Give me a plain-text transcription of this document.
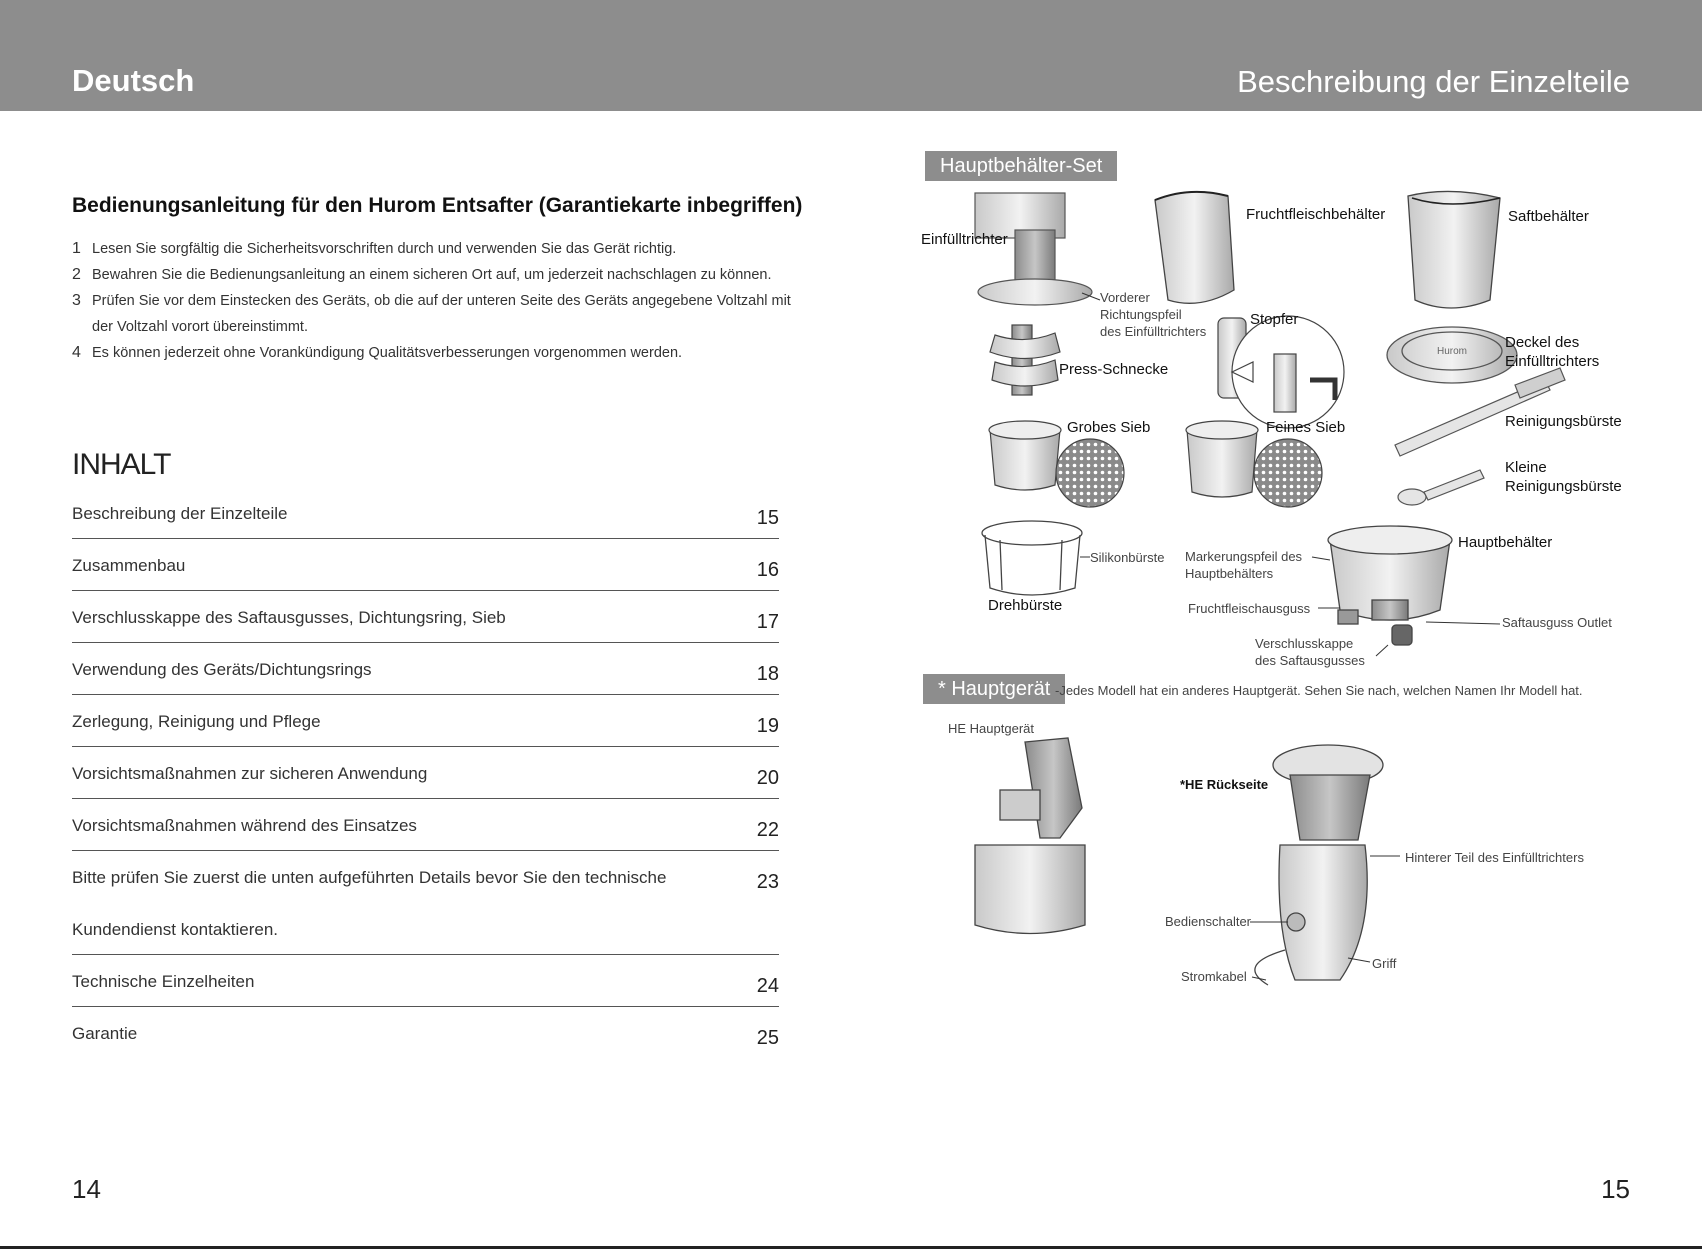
Deutsch	Beschreibung der Einzelteile
Bedienungsanleitung für den Hurom Entsafter (Garantiekarte inbegriffen)
1 Lesen Sie sorgfältig die Sicherheitsvorschriften durch und verwenden Sie das Gerät richtig.
2 Bewahren Sie die Bedienungsanleitung an einem sicheren Ort auf, um jederzeit nachschlagen zu können.
3 Prüfen Sie vor dem Einstecken des Geräts, ob die auf der unteren Seite des Geräts angegebene Voltzahl mit der Voltzahl vorort übereinstimmt.
4 Es können jederzeit ohne Vorankündigung Qualitätsverbesserungen vorgenommen werden.
INHALT
Beschreibung der Einzelteile	15
Zusammenbau	16
Verschlusskappe des Saftausgusses, Dichtungsring, Sieb	17
Verwendung des Geräts/Dichtungsrings	18
Zerlegung, Reinigung und Pflege	19
Vorsichtsmaßnahmen zur sicheren Anwendung	20
Vorsichtsmaßnahmen während des Einsatzes	22
Bitte prüfen Sie zuerst die unten aufgeführten Details bevor Sie den technische
Kundendienst kontaktieren.
23
Technische Einzelheiten	24
Garantie	25
14
Hauptbehälter-Set
Einfülltrichter
Fruchtfleischbehälter	Saftbehälter
Vorderer
Richtungspfeil
des Einfülltrichters
Stopfer
Press-Schnecke
Deckel des
Einfülltrichters
Hurom
Reinigungsbürste
Grobes Sieb	Feines Sieb
Kleine
Reinigungsbürste
Silikonbürste Markerungspfeil des
Hauptbehälters
Hauptbehälter
Drehbürste	Fruchtfleischausguss
Saftausguss Outlet
Verschlusskappe
des Saftausgusses
* Hauptgerät -Jedes Modell hat ein anderes Hauptgerät. Sehen Sie nach, welchen Namen Ihr Modell hat.
HE Hauptgerät
*HE Rückseite
Hinterer Teil des Einfülltrichters
Bedienschalter
Griff
Stromkabel
15
